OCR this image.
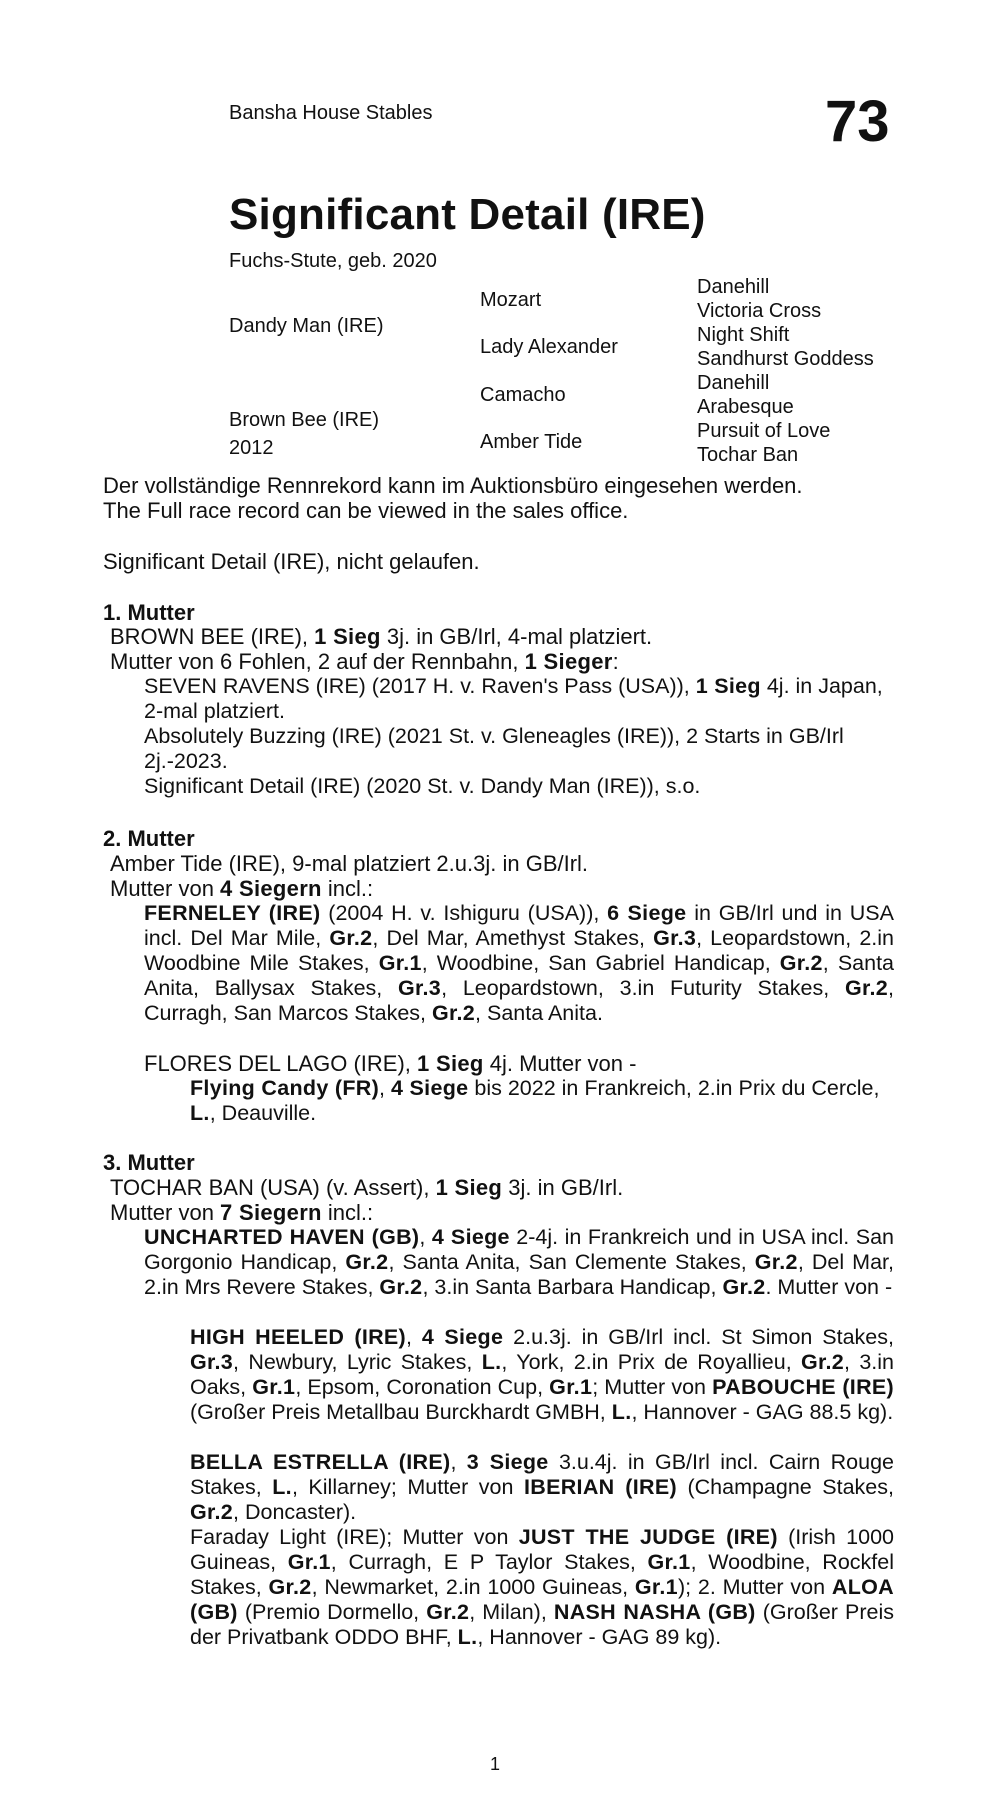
Bansha House Stables	73
Significant Detail (IRE)
Fuchs-Stute, geb. 2020
Dandy Man (IRE)
Brown Bee (IRE)
2012
Mozart
Lady Alexander
Camacho
Amber Tide
Danehill
Victoria Cross
Night Shift
Sandhurst Goddess
Danehill
Arabesque
Pursuit of Love
Tochar Ban
Der vollständige Rennrekord kann im Auktionsbüro eingesehen werden.
The Full race record can be viewed in the sales office.
Significant Detail (IRE), nicht gelaufen.
1. Mutter
BROWN BEE (IRE), 1 Sieg 3j. in GB/Irl, 4-mal platziert.
Mutter von 6 Fohlen, 2 auf der Rennbahn, 1 Sieger:
SEVEN RAVENS (IRE) (2017 H. v. Raven's Pass (USA)), 1 Sieg 4j. in Japan, 2-mal platziert.
Absolutely Buzzing (IRE) (2021 St. v. Gleneagles (IRE)), 2 Starts in GB/Irl 2j.-2023.
Significant Detail (IRE) (2020 St. v. Dandy Man (IRE)), s.o.
2. Mutter
Amber Tide (IRE), 9-mal platziert 2.u.3j. in GB/Irl.
Mutter von 4 Siegern incl.:
FERNELEY (IRE) (2004 H. v. Ishiguru (USA)), 6 Siege in GB/Irl und in USA incl. Del Mar Mile, Gr.2, Del Mar, Amethyst Stakes, Gr.3, Leopardstown, 2.in Woodbine Mile Stakes, Gr.1, Woodbine, San Gabriel Handicap, Gr.2, Santa Anita, Ballysax Stakes, Gr.3, Leopardstown, 3.in Futurity Stakes, Gr.2, Curragh, San Marcos Stakes, Gr.2, Santa Anita.
FLORES DEL LAGO (IRE), 1 Sieg 4j. Mutter von -
Flying Candy (FR), 4 Siege bis 2022 in Frankreich, 2.in Prix du Cercle, L., Deauville.
3. Mutter
TOCHAR BAN (USA) (v. Assert), 1 Sieg 3j. in GB/Irl.
Mutter von 7 Siegern incl.:
UNCHARTED HAVEN (GB), 4 Siege 2-4j. in Frankreich und in USA incl. San Gorgonio Handicap, Gr.2, Santa Anita, San Clemente Stakes, Gr.2, Del Mar, 2.in Mrs Revere Stakes, Gr.2, 3.in Santa Barbara Handicap, Gr.2. Mutter von -
HIGH HEELED (IRE), 4 Siege 2.u.3j. in GB/Irl incl. St Simon Stakes, Gr.3, Newbury, Lyric Stakes, L., York, 2.in Prix de Royallieu, Gr.2, 3.in Oaks, Gr.1, Epsom, Coronation Cup, Gr.1; Mutter von PABOUCHE (IRE) (Großer Preis Metallbau Burckhardt GMBH, L., Hannover - GAG 88.5 kg).
BELLA ESTRELLA (IRE), 3 Siege 3.u.4j. in GB/Irl incl. Cairn Rouge Stakes, L., Killarney; Mutter von IBERIAN (IRE) (Champagne Stakes, Gr.2, Doncaster).
Faraday Light (IRE); Mutter von JUST THE JUDGE (IRE) (Irish 1000 Guineas, Gr.1, Curragh, E P Taylor Stakes, Gr.1, Woodbine, Rockfel Stakes, Gr.2, Newmarket, 2.in 1000 Guineas, Gr.1); 2. Mutter von ALOA (GB) (Premio Dormello, Gr.2, Milan), NASH NASHA (GB) (Großer Preis der Privatbank ODDO BHF, L., Hannover - GAG 89 kg).
1
